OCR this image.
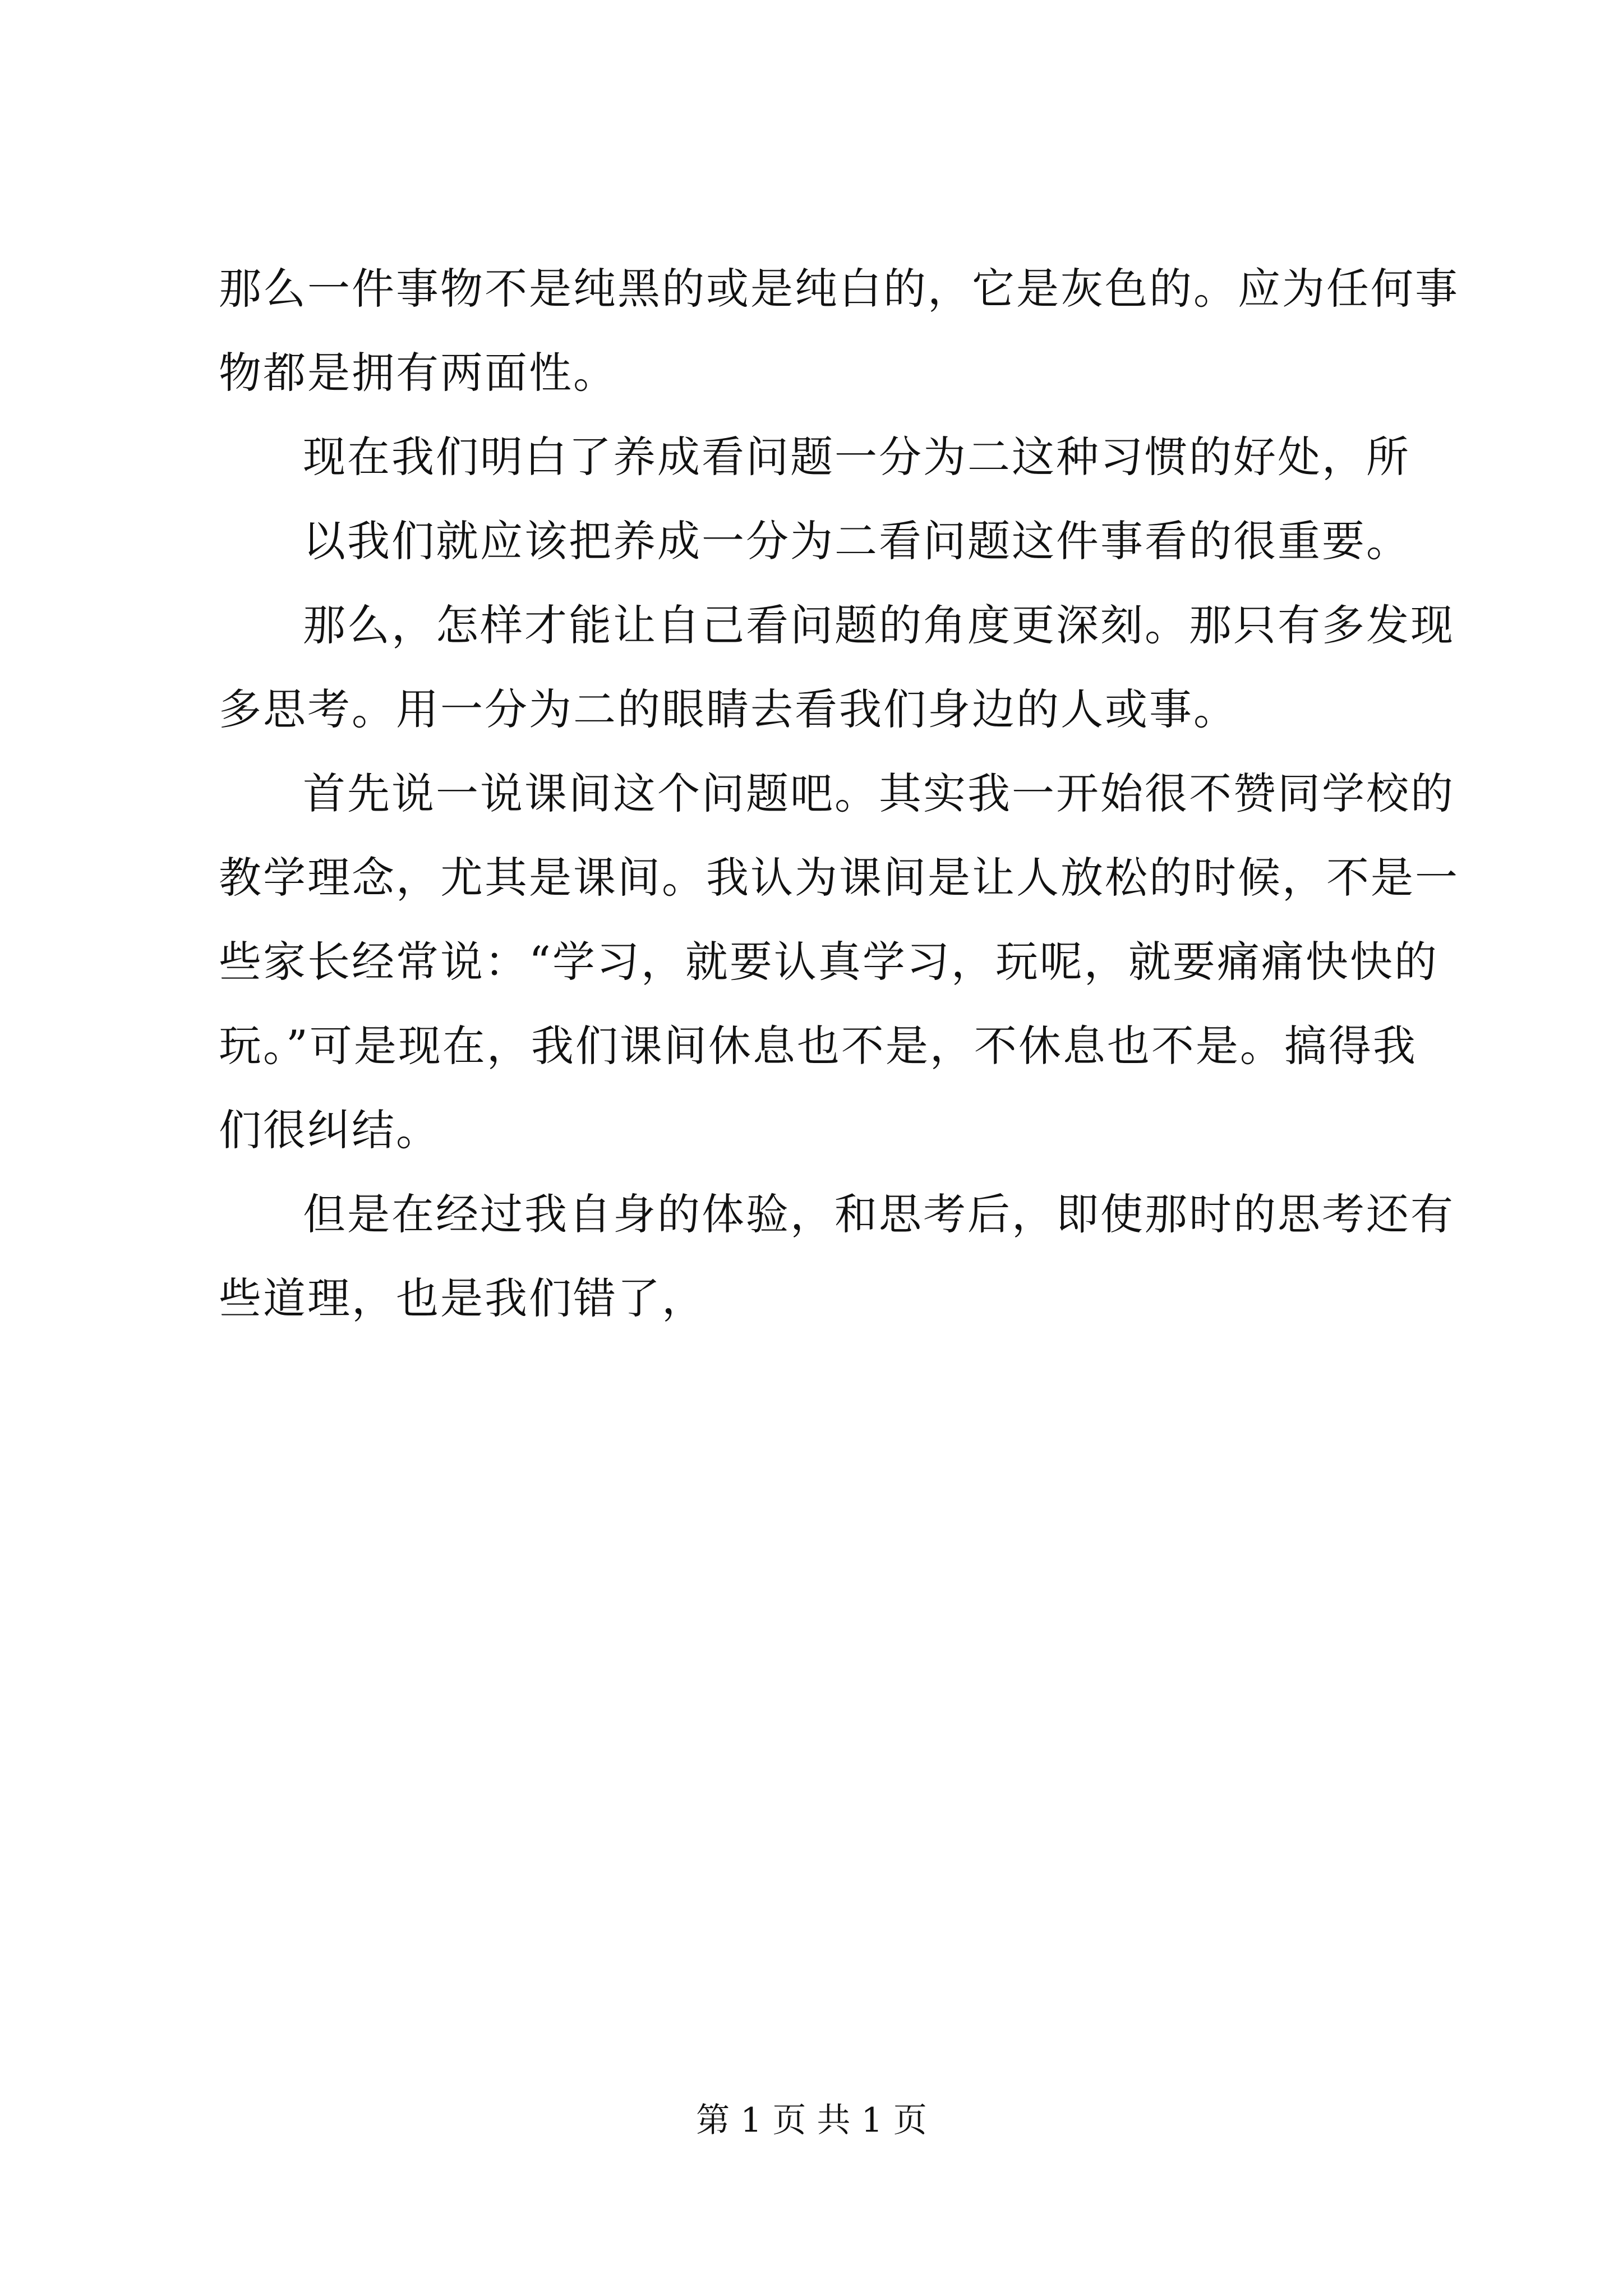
那么一件事物不是纯黑的或是纯白的，它是灰色的。应为任何事
物都是拥有两面性。
现在我们明白了养成看问题一分为二这种习惯的好处，所
以我们就应该把养成一分为二看问题这件事看的很重要。
那么，怎样才能让自己看问题的角度更深刻。那只有多发现
多思考。用一分为二的眼睛去看我们身边的人或事。
首先说一说课间这个问题吧。其实我一开始很不赞同学校的
教学理念，尤其是课间。我认为课间是让人放松的时候，不是一
些家长经常说：“学习，就要认真学习，玩呢，就要痛痛快快的
玩。”可是现在，我们课间休息也不是，不休息也不是。搞得我
们很纠结。
但是在经过我自身的体验，和思考后，即使那时的思考还有
些道理，也是我们错了，
第 1 页 共 1 页
